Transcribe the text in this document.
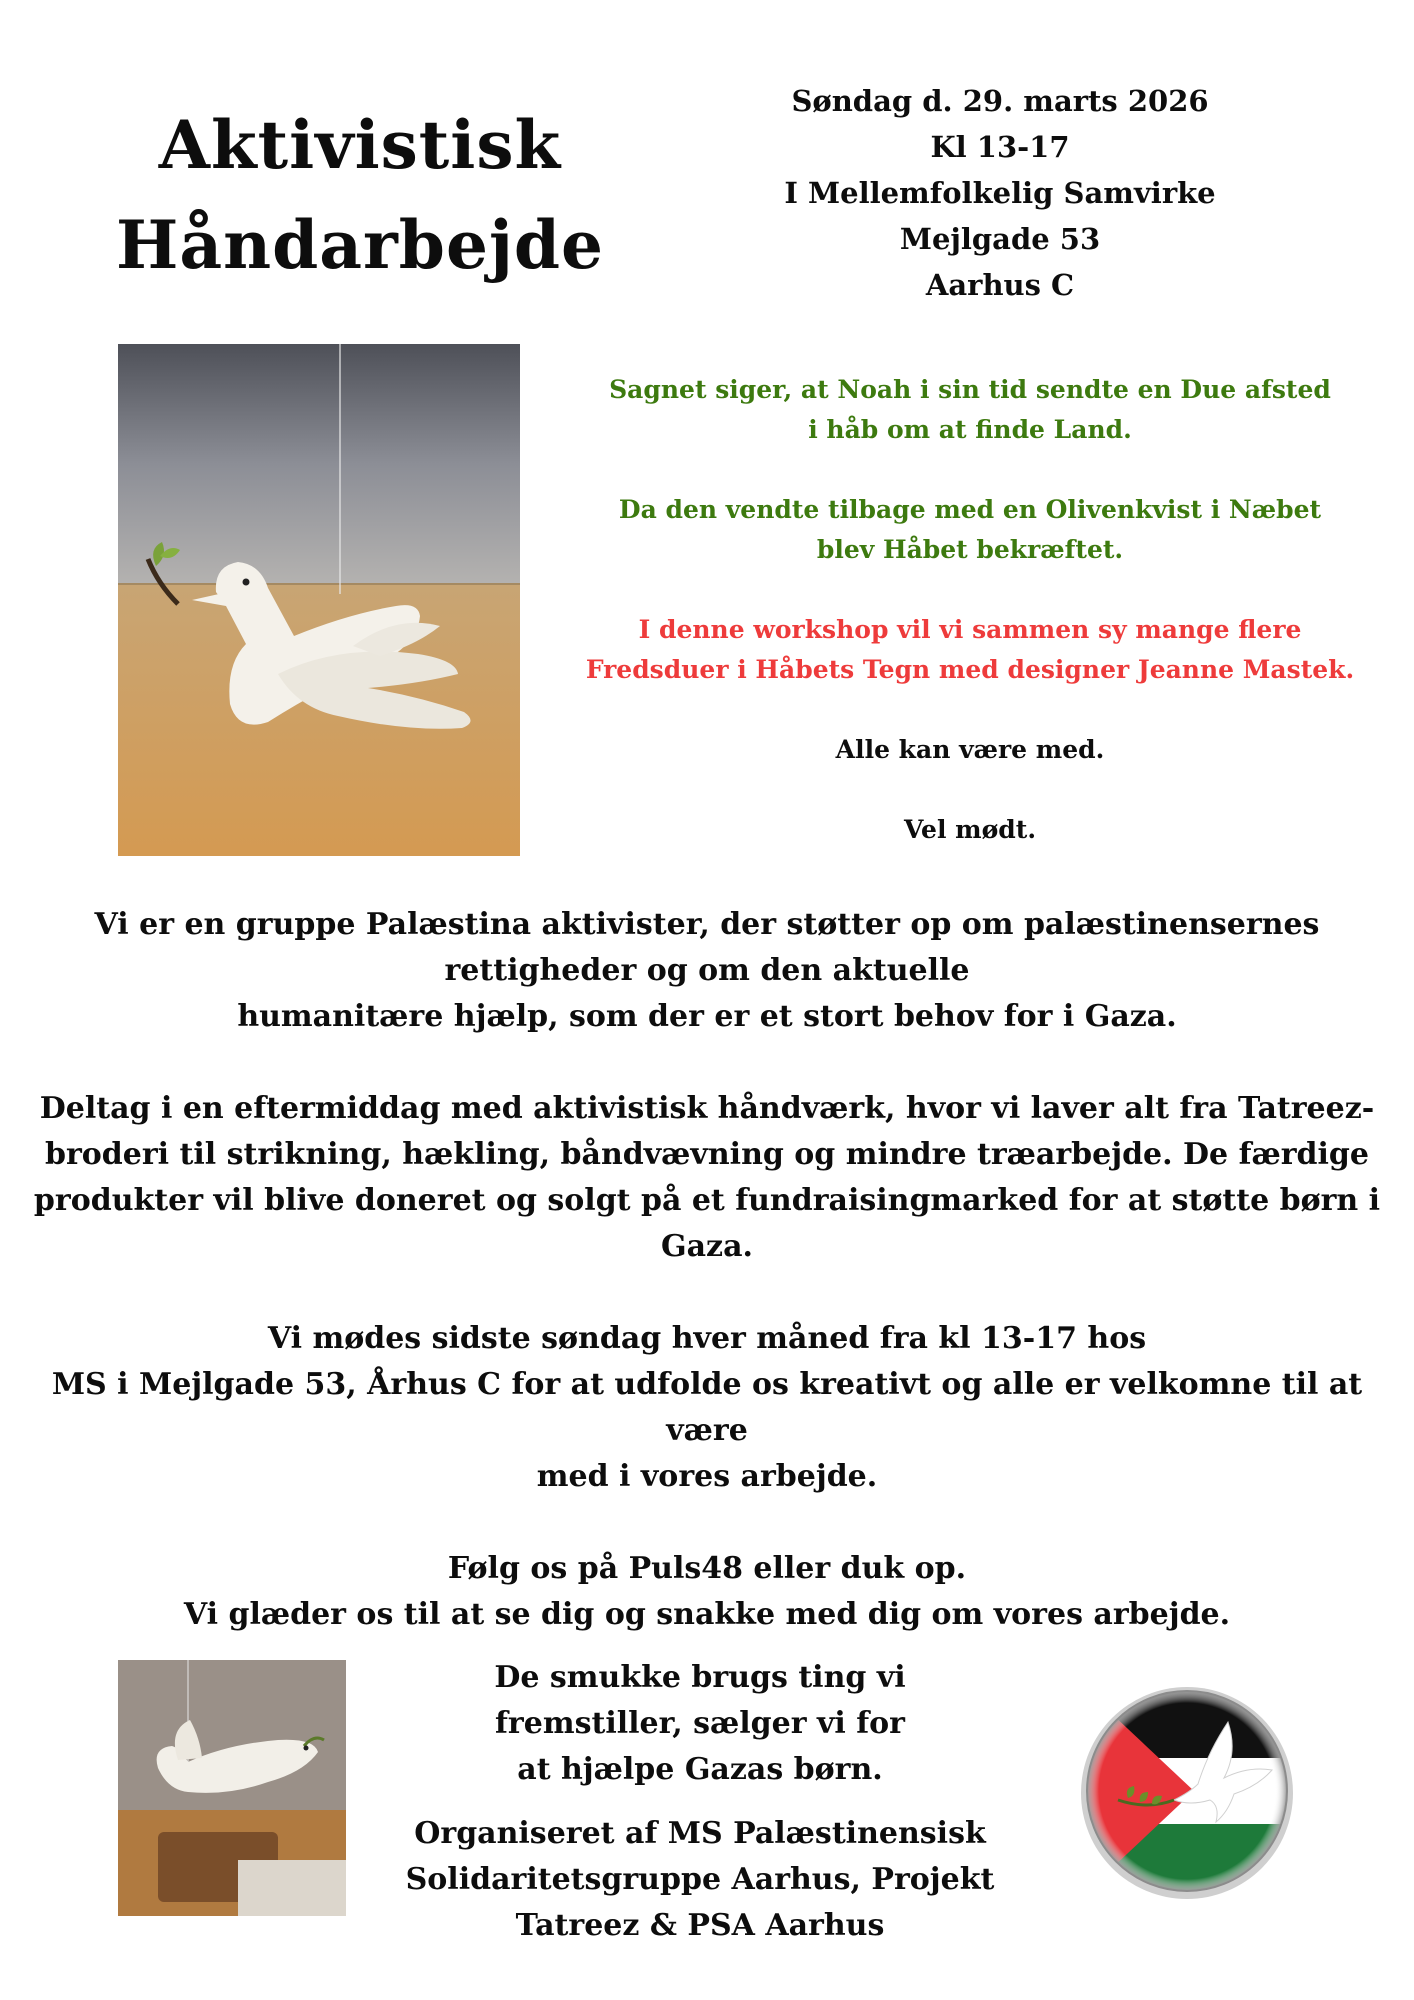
Aktivistisk
Håndarbejde
Søndag d. 29. marts 2026
Kl 13-17
I Mellemfolkelig Samvirke
Mejlgade 53
Aarhus C

Sagnet siger, at Noah i sin tid sendte en Due afsted
i håb om at finde Land.

Da den vendte tilbage med en Olivenkvist i Næbet
blev Håbet bekræftet.

I denne workshop vil vi sammen sy mange flere
Fredsduer i Håbets Tegn med designer Jeanne Mastek.

Alle kan være med.

Vel mødt.

Vi er en gruppe Palæstina aktivister, der støtter op om palæstinensernes
rettigheder og om den aktuelle
humanitære hjælp, som der er et stort behov for i Gaza.

Deltag i en eftermiddag med aktivistisk håndværk, hvor vi laver alt fra Tatreez-
broderi til strikning, hækling, båndvævning og mindre træarbejde. De færdige
produkter vil blive doneret og solgt på et fundraisingmarked for at støtte børn i
Gaza.

Vi mødes sidste søndag hver måned fra kl 13-17 hos
MS i Mejlgade 53, Århus C for at udfolde os kreativt og alle er velkomne til at være
med i vores arbejde.

Følg os på Puls48 eller duk op.
Vi glæder os til at se dig og snakke med dig om vores arbejde.

De smukke brugs ting vi
fremstiller, sælger vi for
at hjælpe Gazas børn.

Organiseret af MS Palæstinensisk
Solidaritetsgruppe Aarhus, Projekt
Tatreez & PSA Aarhus
